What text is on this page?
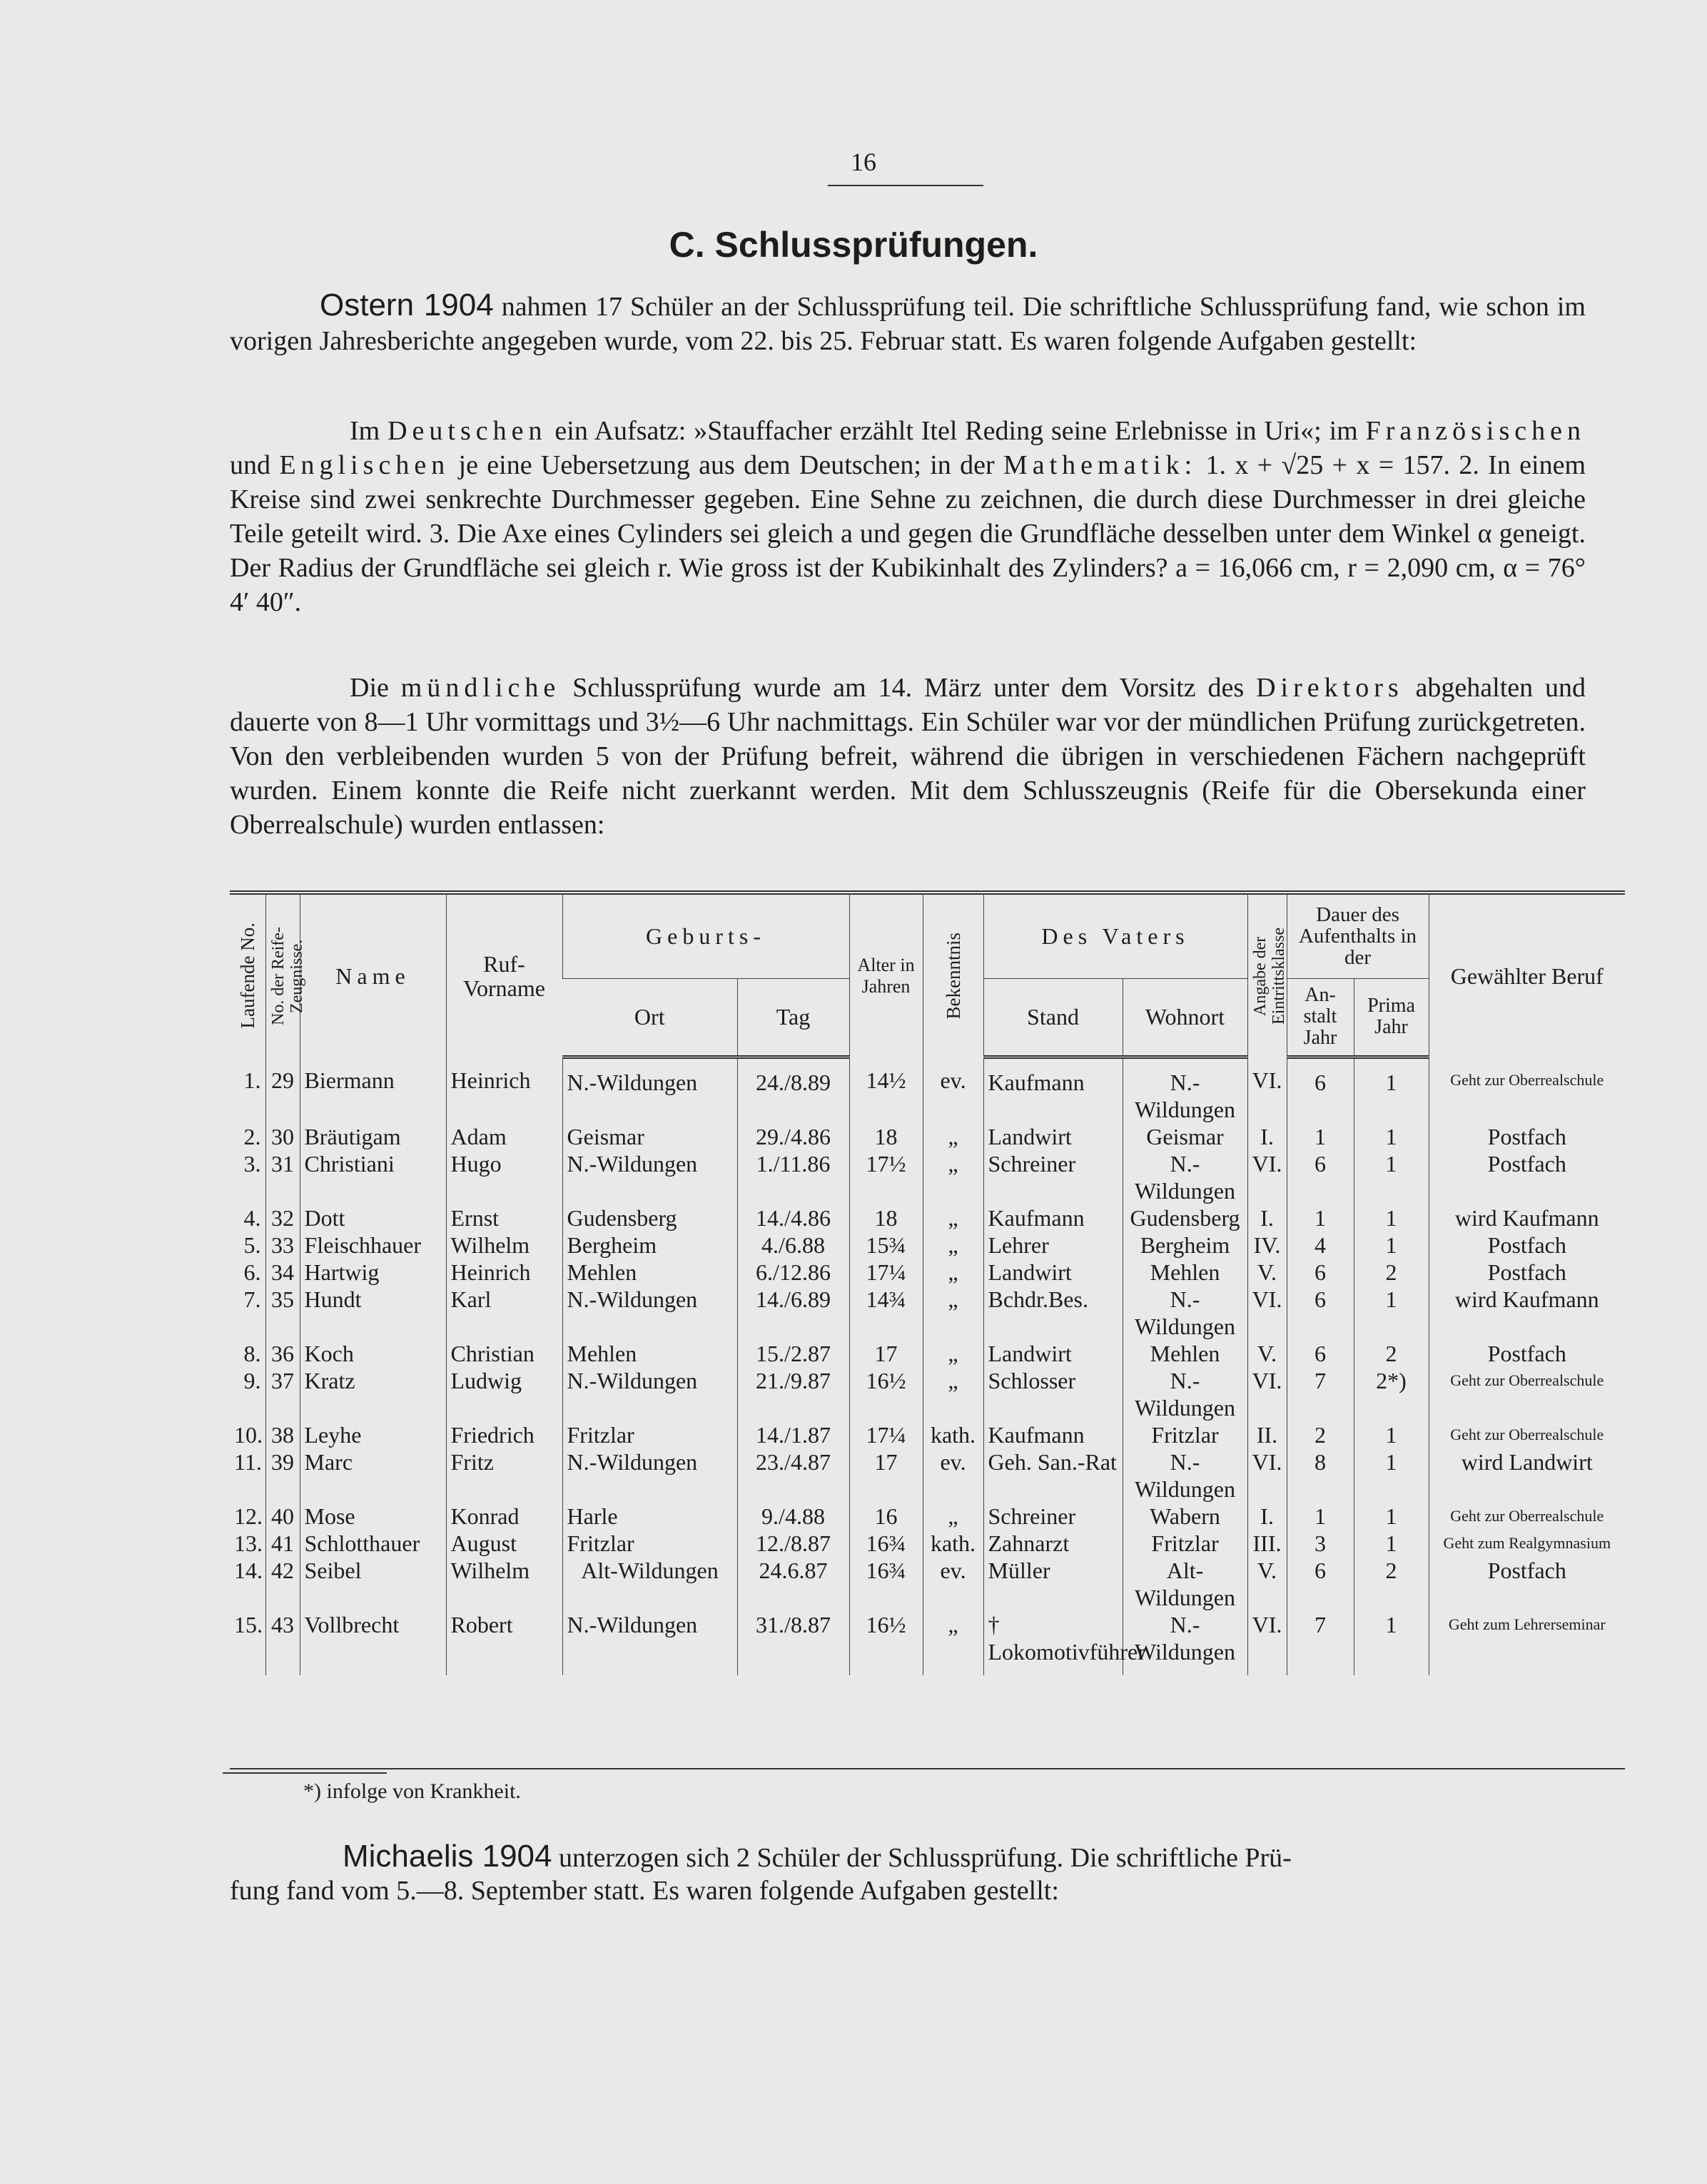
16
C. Schlussprüfungen.

Ostern 1904 nahmen 17 Schüler an der Schlussprüfung teil. Die schriftliche Schlussprüfung fand, wie schon im vorigen Jahresberichte angegeben wurde, vom 22. bis 25. Februar statt. Es waren folgende Aufgaben gestellt:

Im Deutschen ein Aufsatz: »Stauffacher erzählt Itel Reding seine Erlebnisse in Uri«; im Französischen und Englischen je eine Uebersetzung aus dem Deutschen; in der Mathematik: 1. x + √25 + x = 157. 2. In einem Kreise sind zwei senkrechte Durchmesser gegeben. Eine Sehne zu zeichnen, die durch diese Durchmesser in drei gleiche Teile geteilt wird. 3. Die Axe eines Cylinders sei gleich a und gegen die Grundfläche desselben unter dem Winkel α geneigt. Der Radius der Grundfläche sei gleich r. Wie gross ist der Kubikinhalt des Zylinders? a = 16,066 cm, r = 2,090 cm, α = 76° 4′ 40″.

Die mündliche Schlussprüfung wurde am 14. März unter dem Vorsitz des Direktors abgehalten und dauerte von 8—1 Uhr vormittags und 3½—6 Uhr nachmittags. Ein Schüler war vor der mündlichen Prüfung zurückgetreten. Von den verbleibenden wurden 5 von der Prüfung befreit, während die übrigen in verschiedenen Fächern nachgeprüft wurden. Einem konnte die Reife nicht zuerkannt werden. Mit dem Schlusszeugnis (Reife für die Obersekunda einer Oberrealschule) wurden entlassen:

Laufende No.	No. der Reife-Zeugnisse.	Name	Ruf-Vorname	Geburts-		Alter in Jahren	Bekenntnis	Des Vaters		Angabe der Eintrittsklasse	Dauer des Aufenthalts in der		Gewählter Beruf
				Ort	Tag			Stand	Wohnort		An-stalt Jahr	Prima Jahr	
1.	29	Biermann	Heinrich	N.-Wildungen	24./8.89	14½	ev.	Kaufmann	N.-Wildungen	VI.	6	1	Geht zur Oberrealschule
2.	30	Bräutigam	Adam	Geismar	29./4.86	18	„	Landwirt	Geismar	I.	1	1	Postfach
3.	31	Christiani	Hugo	N.-Wildungen	1./11.86	17½	„	Schreiner	N.-Wildungen	VI.	6	1	Postfach
4.	32	Dott	Ernst	Gudensberg	14./4.86	18	„	Kaufmann	Gudensberg	I.	1	1	wird Kaufmann
5.	33	Fleischhauer	Wilhelm	Bergheim	4./6.88	15¾	„	Lehrer	Bergheim	IV.	4	1	Postfach
6.	34	Hartwig	Heinrich	Mehlen	6./12.86	17¼	„	Landwirt	Mehlen	V.	6	2	Postfach
7.	35	Hundt	Karl	N.-Wildungen	14./6.89	14¾	„	Bchdr.Bes.	N.-Wildungen	VI.	6	1	wird Kaufmann
8.	36	Koch	Christian	Mehlen	15./2.87	17	„	Landwirt	Mehlen	V.	6	2	Postfach
9.	37	Kratz	Ludwig	N.-Wildungen	21./9.87	16½	„	Schlosser	N.-Wildungen	VI.	7	2*)	Geht zur Oberrealschule
10.	38	Leyhe	Friedrich	Fritzlar	14./1.87	17¼	kath.	Kaufmann	Fritzlar	II.	2	1	Geht zur Oberrealschule
11.	39	Marc	Fritz	N.-Wildungen	23./4.87	17	ev.	Geh. San.-Rat	N.-Wildungen	VI.	8	1	wird Landwirt
12.	40	Mose	Konrad	Harle	9./4.88	16	„	Schreiner	Wabern	I.	1	1	Geht zur Oberrealschule
13.	41	Schlotthauer	August	Fritzlar	12./8.87	16¾	kath.	Zahnarzt	Fritzlar	III.	3	1	Geht zum Realgymnasium
14.	42	Seibel	Wilhelm	Alt-Wildungen	24.6.87	16¾	ev.	Müller	Alt-Wildungen	V.	6	2	Postfach
15.	43	Vollbrecht	Robert	N.-Wildungen	31./8.87	16½	„	† Lokomotivführer	N.-Wildungen	VI.	7	1	Geht zum Lehrerseminar
*) infolge von Krankheit.
Michaelis 1904 unterzogen sich 2 Schüler der Schlussprüfung. Die schriftliche Prü-
fung fand vom 5.—8. September statt. Es waren folgende Aufgaben gestellt:
